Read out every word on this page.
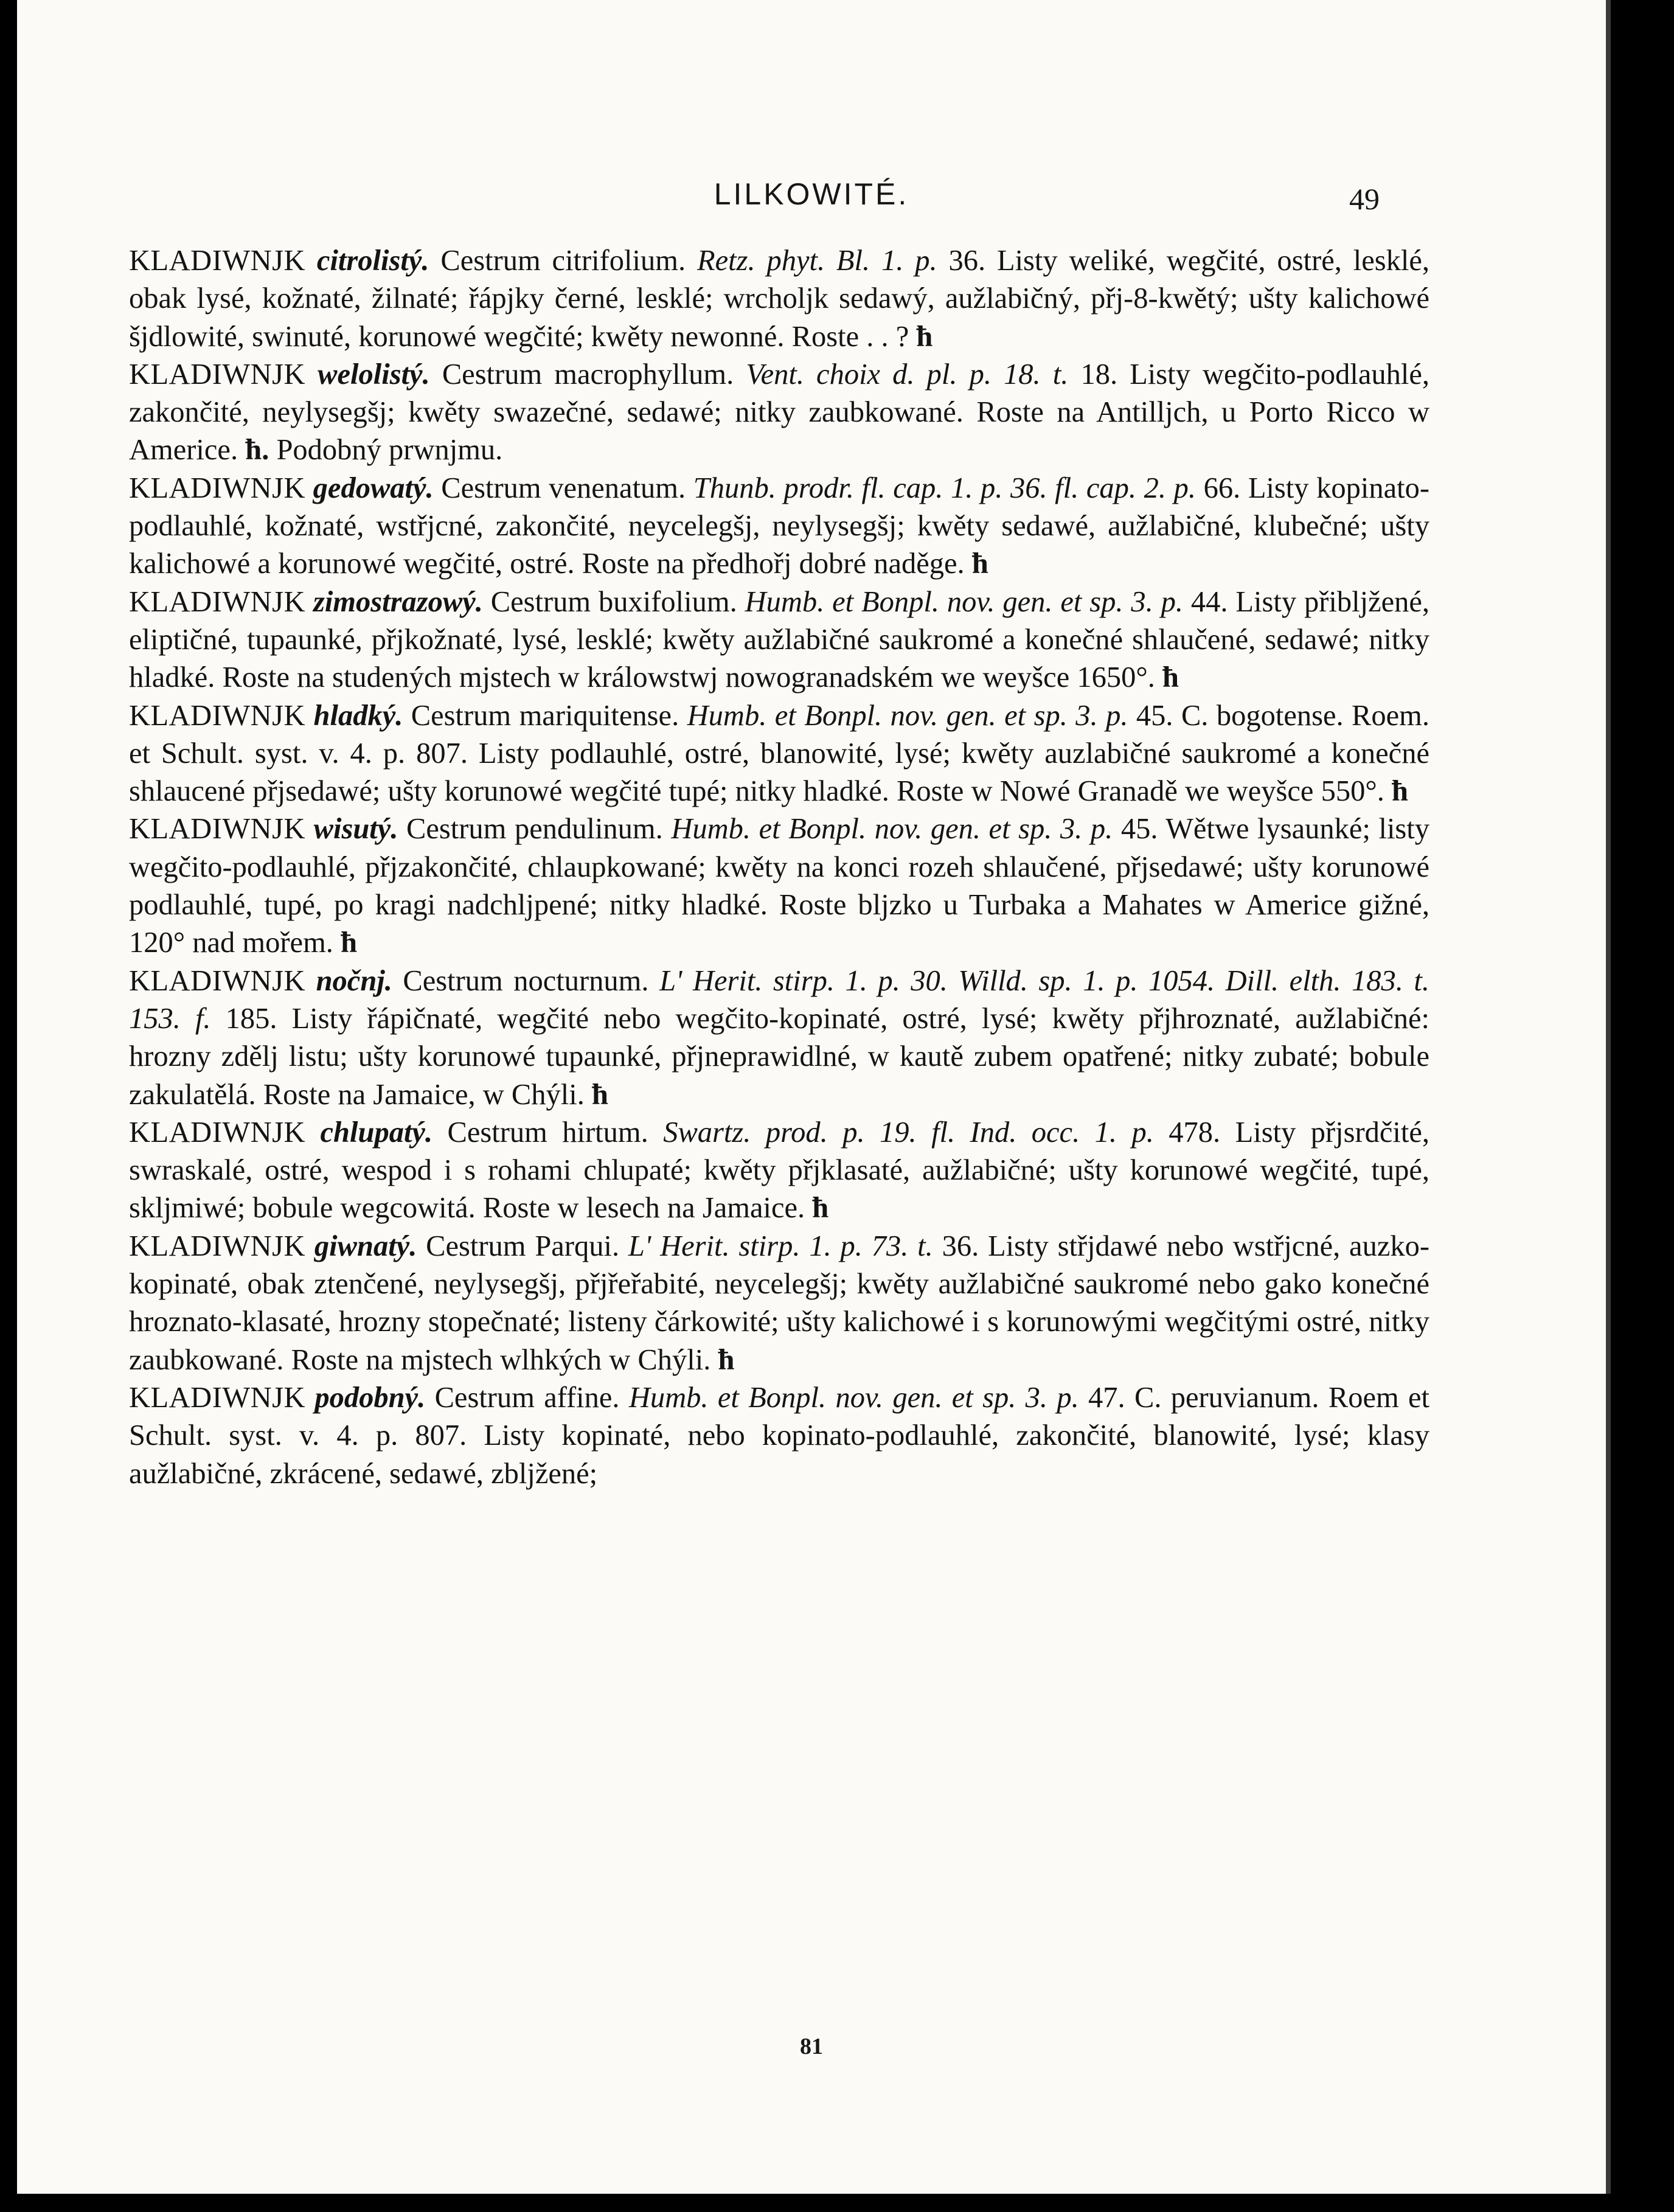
LILKOWITÉ.	49

KLADIWNJK citrolistý. Cestrum citrifolium. Retz. phyt. Bl. 1. p. 36. Listy weliké, wegčité, ostré, lesklé, obak lysé, kožnaté, žilnaté; řápjky černé, lesklé; wrcholjk sedawý, aužlabičný, přj-8-kwětý; ušty kalichowé šjdlowité, swinuté, korunowé wegčité; kwěty newonné. Roste . . ? ħ

KLADIWNJK welolistý. Cestrum macrophyllum. Vent. choix d. pl. p. 18. t. 18. Listy wegčito-podlauhlé, zakončité, neylysegšj; kwěty swazečné, sedawé; nitky zaubkowané. Roste na Antilljch, u Porto Ricco w Americe. ħ. Podobný prwnjmu.

KLADIWNJK gedowatý. Cestrum venenatum. Thunb. prodr. fl. cap. 1. p. 36. fl. cap. 2. p. 66. Listy kopinato-podlauhlé, kožnaté, wstřjcné, zakončité, neycelegšj, neylysegšj; kwěty sedawé, aužlabičné, klubečné; ušty kalichowé a korunowé wegčité, ostré. Roste na předhořj dobré naděge. ħ

KLADIWNJK zimostrazowý. Cestrum buxifolium. Humb. et Bonpl. nov. gen. et sp. 3. p. 44. Listy přibljžené, eliptičné, tupaunké, přjkožnaté, lysé, lesklé; kwěty aužlabičné saukromé a konečné shlaučené, sedawé; nitky hladké. Roste na studených mjstech w králowstwj nowogranadském we weyšce 1650°. ħ

KLADIWNJK hladký. Cestrum mariquitense. Humb. et Bonpl. nov. gen. et sp. 3. p. 45. C. bogotense. Roem. et Schult. syst. v. 4. p. 807. Listy podlauhlé, ostré, blanowité, lysé; kwěty auzlabičné saukromé a konečné shlaucené přjsedawé; ušty korunowé wegčité tupé; nitky hladké. Roste w Nowé Granadě we weyšce 550°. ħ

KLADIWNJK wisutý. Cestrum pendulinum. Humb. et Bonpl. nov. gen. et sp. 3. p. 45. Wětwe lysaunké; listy wegčito-podlauhlé, přjzakončité, chlaupkowané; kwěty na konci rozeh shlaučené, přjsedawé; ušty korunowé podlauhlé, tupé, po kragi nadchljpené; nitky hladké. Roste bljzko u Turbaka a Mahates w Americe gižné, 120° nad mořem. ħ

KLADIWNJK nočnj. Cestrum nocturnum. L' Herit. stirp. 1. p. 30. Willd. sp. 1. p. 1054. Dill. elth. 183. t. 153. f. 185. Listy řápičnaté, wegčité nebo wegčito-kopinaté, ostré, lysé; kwěty přjhroznaté, aužlabičné: hrozny zdělj listu; ušty korunowé tupaunké, přjneprawidlné, w kautě zubem opatřené; nitky zubaté; bobule zakulatělá. Roste na Jamaice, w Chýli. ħ

KLADIWNJK chlupatý. Cestrum hirtum. Swartz. prod. p. 19. fl. Ind. occ. 1. p. 478. Listy přjsrdčité, swraskalé, ostré, wespod i s rohami chlupaté; kwěty přjklasaté, aužlabičné; ušty korunowé wegčité, tupé, skljmiwé; bobule wegcowitá. Roste w lesech na Jamaice. ħ

KLADIWNJK giwnatý. Cestrum Parqui. L' Herit. stirp. 1. p. 73. t. 36. Listy střjdawé nebo wstřjcné, auzko-kopinaté, obak ztenčené, neylysegšj, přjřeřabité, neycelegšj; kwěty aužlabičné saukromé nebo gako konečné hroznato-klasaté, hrozny stopečnaté; listeny čárkowité; ušty kalichowé i s korunowými wegčitými ostré, nitky zaubkowané. Roste na mjstech wlhkých w Chýli. ħ

KLADIWNJK podobný. Cestrum affine. Humb. et Bonpl. nov. gen. et sp. 3. p. 47. C. peruvianum. Roem et Schult. syst. v. 4. p. 807. Listy kopinaté, nebo kopinato-podlauhlé, zakončité, blanowité, lysé; klasy aužlabičné, zkrácené, sedawé, zbljžené;

81
